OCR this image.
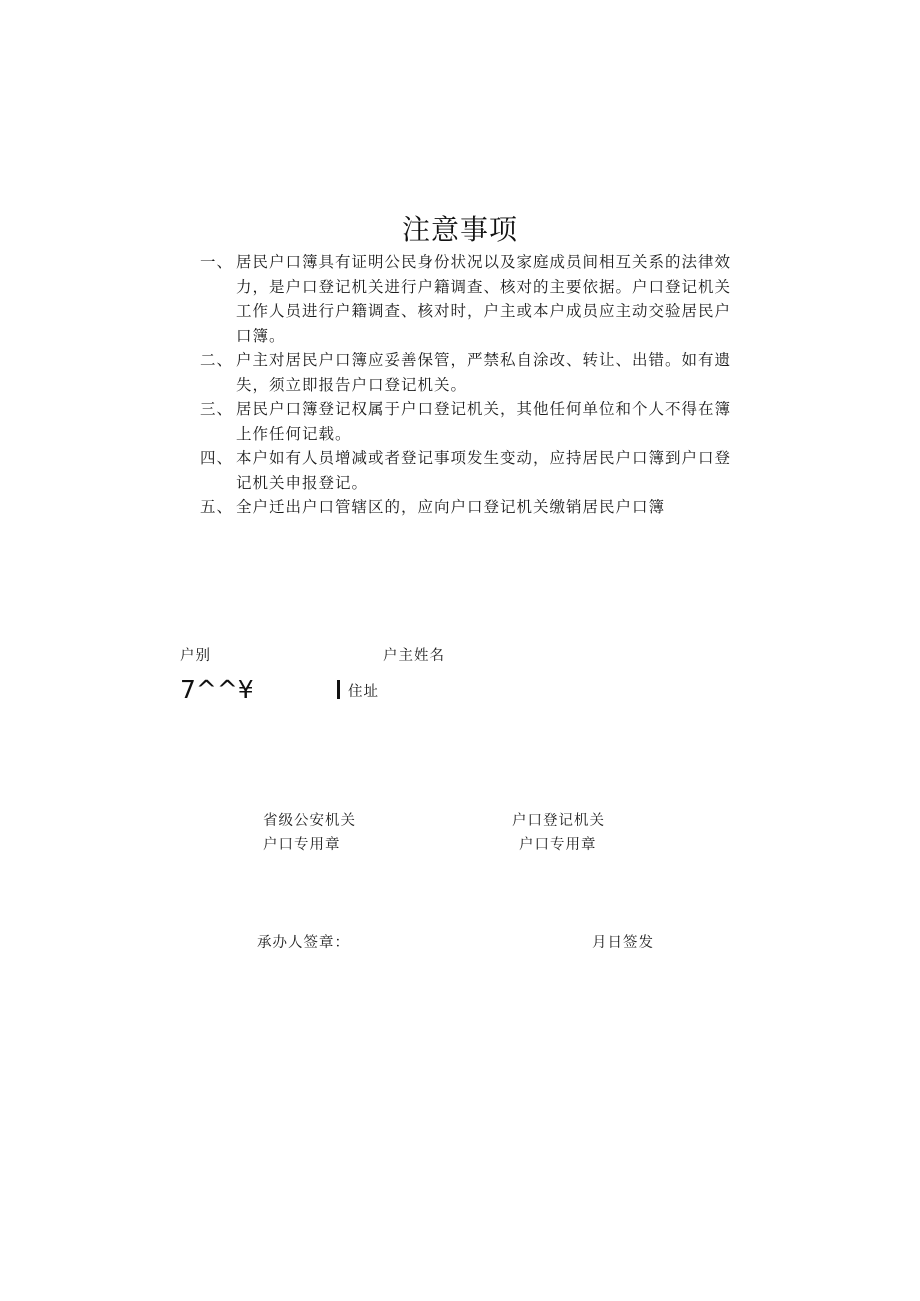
注意事项
一、 居民户口簿具有证明公民身份状况以及家庭成员间相互关系的法律效力，是户口登记机关进行户籍调查、核对的主要依据。户口登记机关工作人员进行户籍调查、核对时，户主或本户成员应主动交验居民户口簿。
二、 户主对居民户口簿应妥善保管，严禁私自涂改、转让、出错。如有遗失，须立即报告户口登记机关。
三、 居民户口簿登记权属于户口登记机关，其他任何单位和个人不得在簿上作任何记载。
四、 本户如有人员增减或者登记事项发生变动，应持居民户口簿到户口登记机关申报登记。
五、 全户迁出户口管辖区的，应向户口登记机关缴销居民户口簿
户别	户主姓名
7^^¥	住址
省级公安机关
户口专用章
户口登记机关
户口专用章
承办人签章：	月日签发
